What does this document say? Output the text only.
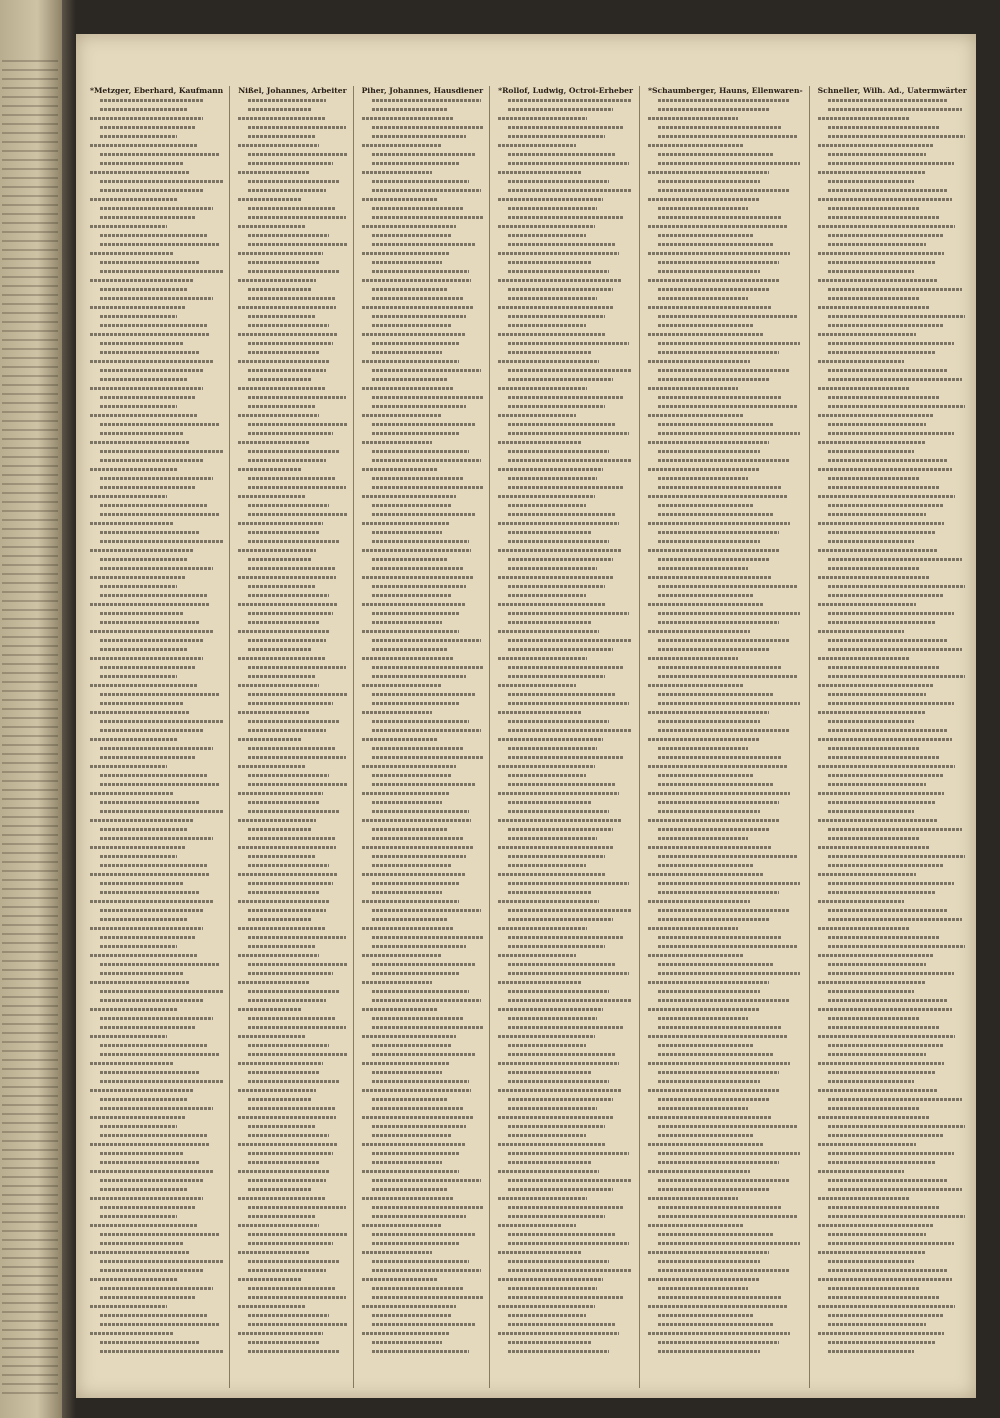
*Metzger, Eberhard, Kaufmann Nißel, Johannes, Arbeiter Piher, Johannes, Hausdiener *Rollof, Ludwig, Octroi-Erheber *Schaumberger, Hauns, Ellenwaren- Schneller, Wilh. Ad., Uatermwärter
